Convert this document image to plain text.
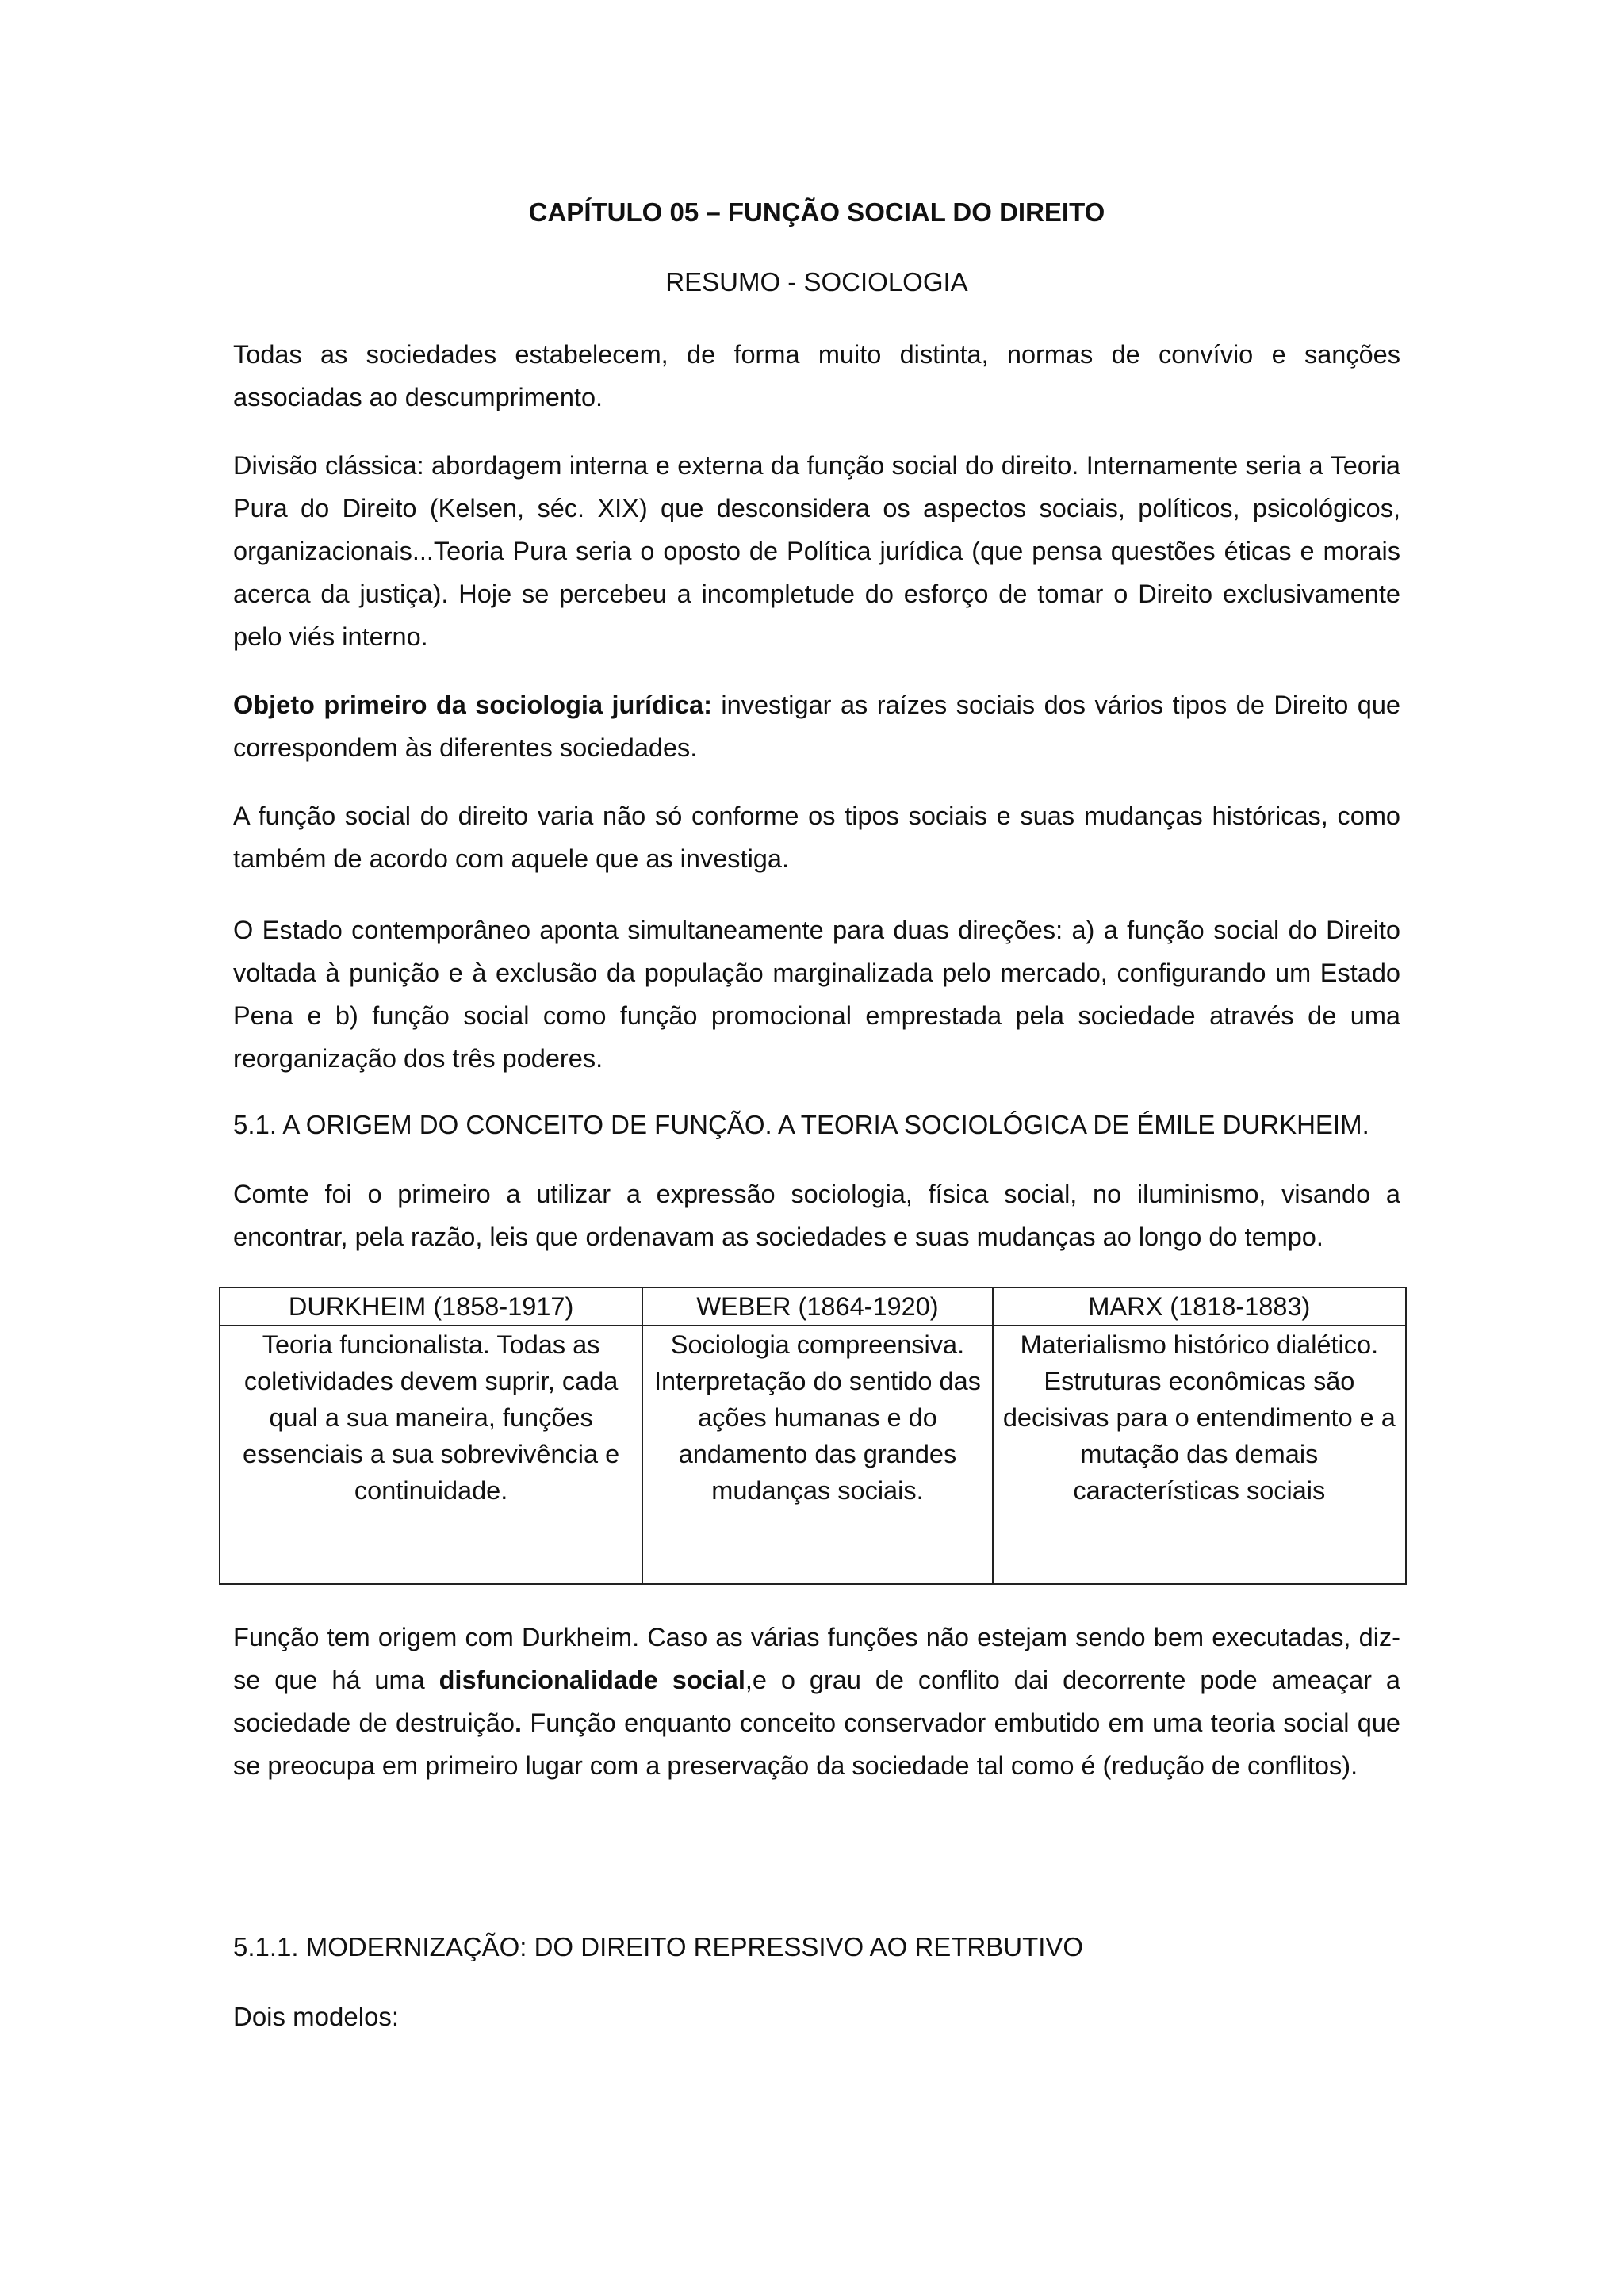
CAPÍTULO 05 – FUNÇÃO SOCIAL DO DIREITO
RESUMO - SOCIOLOGIA

Todas as sociedades estabelecem, de forma muito distinta, normas de convívio e sanções associadas ao descumprimento.

Divisão clássica: abordagem interna e externa da função social do direito. Internamente seria a Teoria Pura do Direito (Kelsen, séc. XIX) que desconsidera os aspectos sociais, políticos, psicológicos, organizacionais...Teoria Pura seria o oposto de Política jurídica (que pensa questões éticas e morais acerca da justiça). Hoje se percebeu a incompletude do esforço de tomar o Direito exclusivamente pelo viés interno.

Objeto primeiro da sociologia jurídica: investigar as raízes sociais dos vários tipos de Direito que correspondem às diferentes sociedades.

A função social do direito varia não só conforme os tipos sociais e suas mudanças históricas, como também de acordo com aquele que as investiga.

O Estado contemporâneo aponta simultaneamente para duas direções: a) a função social do Direito voltada à punição e à exclusão da população marginalizada pelo mercado, configurando um Estado Pena e b) função social como função promocional emprestada pela sociedade através de uma reorganização dos três poderes.

5.1. A ORIGEM DO CONCEITO DE FUNÇÃO. A TEORIA SOCIOLÓGICA DE ÉMILE DURKHEIM.

Comte foi o primeiro a utilizar a expressão sociologia, física social, no iluminismo, visando a encontrar, pela razão, leis que ordenavam as sociedades e suas mudanças ao longo do tempo.

Função tem origem com Durkheim. Caso as várias funções não estejam sendo bem executadas, diz-se que há uma disfuncionalidade social,e o grau de conflito dai decorrente pode ameaçar a sociedade de destruição. Função enquanto conceito conservador embutido em uma teoria social que se preocupa em primeiro lugar com a preservação da sociedade tal como é (redução de conflitos).

5.1.1. MODERNIZAÇÃO: DO DIREITO REPRESSIVO AO RETRBUTIVO

Dois modelos:

DURKHEIM (1858-1917)	WEBER (1864-1920)	MARX (1818-1883)
Teoria funcionalista. Todas as coletividades devem suprir, cada qual a sua maneira, funções essenciais a sua sobrevivência e continuidade.	Sociologia compreensiva. Interpretação do sentido das ações humanas e do andamento das grandes mudanças sociais.	Materialismo histórico dialético. Estruturas econômicas são decisivas para o entendimento e a mutação das demais características sociais
